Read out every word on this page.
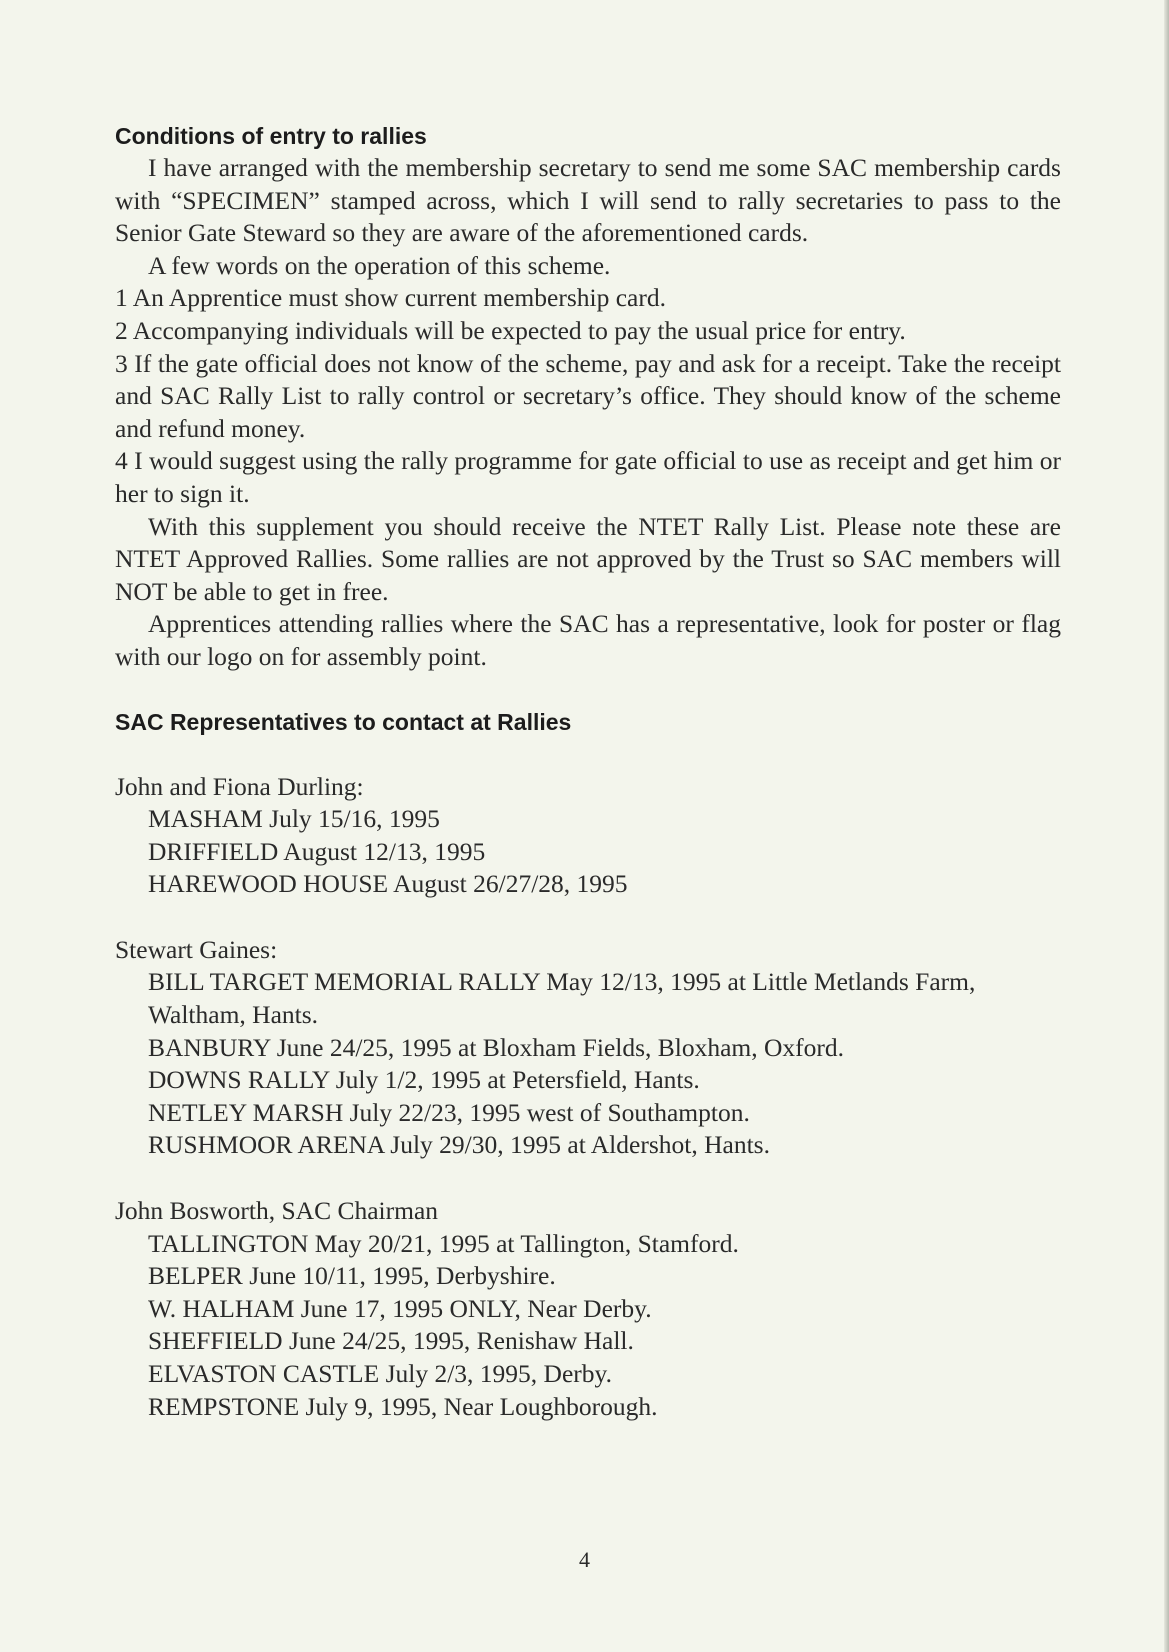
Conditions of entry to rallies

I have arranged with the membership secretary to send me some SAC membership cards with “SPECIMEN” stamped across, which I will send to rally secretaries to pass to the Senior Gate Steward so they are aware of the aforementioned cards.

A few words on the operation of this scheme.

1 An Apprentice must show current membership card.

2 Accompanying individuals will be expected to pay the usual price for entry.

3 If the gate official does not know of the scheme, pay and ask for a receipt. Take the receipt and SAC Rally List to rally control or secretary’s office. They should know of the scheme and refund money.

4 I would suggest using the rally programme for gate official to use as receipt and get him or her to sign it.

With this supplement you should receive the NTET Rally List. Please note these are NTET Approved Rallies. Some rallies are not approved by the Trust so SAC members will NOT be able to get in free.

Apprentices attending rallies where the SAC has a representative, look for poster or flag with our logo on for assembly point.

SAC Representatives to contact at Rallies

John and Fiona Durling:

MASHAM July 15/16, 1995

DRIFFIELD August 12/13, 1995

HAREWOOD HOUSE August 26/27/28, 1995

Stewart Gaines:

BILL TARGET MEMORIAL RALLY May 12/13, 1995 at Little Metlands Farm, Waltham, Hants.

BANBURY June 24/25, 1995 at Bloxham Fields, Bloxham, Oxford.

DOWNS RALLY July 1/2, 1995 at Petersfield, Hants.

NETLEY MARSH July 22/23, 1995 west of Southampton.

RUSHMOOR ARENA July 29/30, 1995 at Aldershot, Hants.

John Bosworth, SAC Chairman

TALLINGTON May 20/21, 1995 at Tallington, Stamford.

BELPER June 10/11, 1995, Derbyshire.

W. HALHAM June 17, 1995 ONLY, Near Derby.

SHEFFIELD June 24/25, 1995, Renishaw Hall.

ELVASTON CASTLE July 2/3, 1995, Derby.

REMPSTONE July 9, 1995, Near Loughborough.

4
